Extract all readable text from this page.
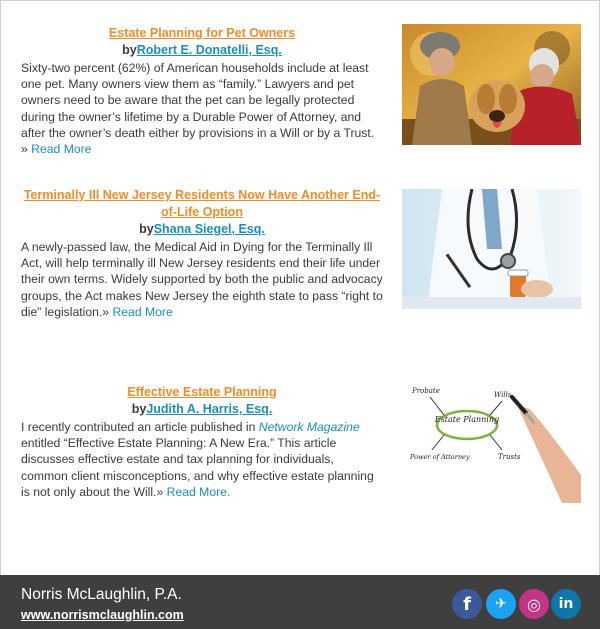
Estate Planning for Pet Owners
byRobert E. Donatelli, Esq.
Sixty-two percent (62%) of American households include at least one pet. Many owners view them as “family.” Lawyers and pet owners need to be aware that the pet can be legally protected during the owner’s lifetime by a Durable Power of Attorney, and after the owner’s death either by provisions in a Will or by a Trust. » Read More
Terminally Ill New Jersey Residents Now Have Another End-of-Life Option
byShana Siegel, Esq.
A newly-passed law, the Medical Aid in Dying for the Terminally Ill Act, will help terminally ill New Jersey residents end their life under their own terms. Widely supported by both the public and advocacy groups, the Act makes New Jersey the eighth state to pass “right to die” legislation.» Read More
Effective Estate Planning
byJudith A. Harris, Esq.
I recently contributed an article published in Network Magazine entitled “Effective Estate Planning: A New Era.” This article discusses effective estate and tax planning for individuals, common client misconceptions, and why effective estate planning is not only about the Will.» Read More.
Estate Planning
Probate	Wills
Power of Attorney	Trusts
Norris McLaughlin, P.A.
www.norrismclaughlin.com
f	✈	◎	in
